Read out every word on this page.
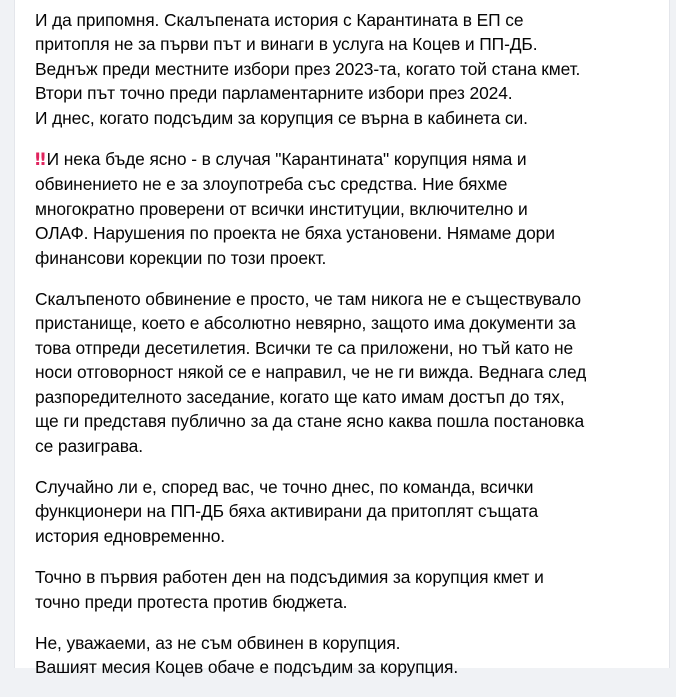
И да припомня. Скалъпената история с Карантината в ЕП се
притопля не за първи път и винаги в услуга на Коцев и ПП-ДБ.
Веднъж преди местните избори през 2023-та, когато той стана кмет.
Втори път точно преди парламентарните избори през 2024.
И днес, когато подсъдим за корупция се върна в кабинета си.

‼ И нека бъде ясно - в случая "Карантината" корупция няма и
обвинението не е за злоупотреба със средства. Ние бяхме
многократно проверени от всички институции, включително и
ОЛАФ. Нарушения по проекта не бяха установени. Нямаме дори
финансови корекции по този проект.

Скалъпеното обвинение е просто, че там никога не е съществувало
пристанище, което е абсолютно невярно, защото има документи за
това отпреди десетилетия. Всички те са приложени, но тъй като не
носи отговорност някой се е направил, че не ги вижда. Веднага след
разпоредителното заседание, когато ще като имам достъп до тях,
ще ги представя публично за да стане ясно каква пошла постановка
се разиграва.

Случайно ли е, според вас, че точно днес, по команда, всички
функционери на ПП-ДБ бяха активирани да притоплят същата
история едновременно.

Точно в първия работен ден на подсъдимия за корупция кмет и
точно преди протеста против бюджета.

Не, уважаеми, аз не съм обвинен в корупция.
Вашият месия Коцев обаче е подсъдим за корупция.
